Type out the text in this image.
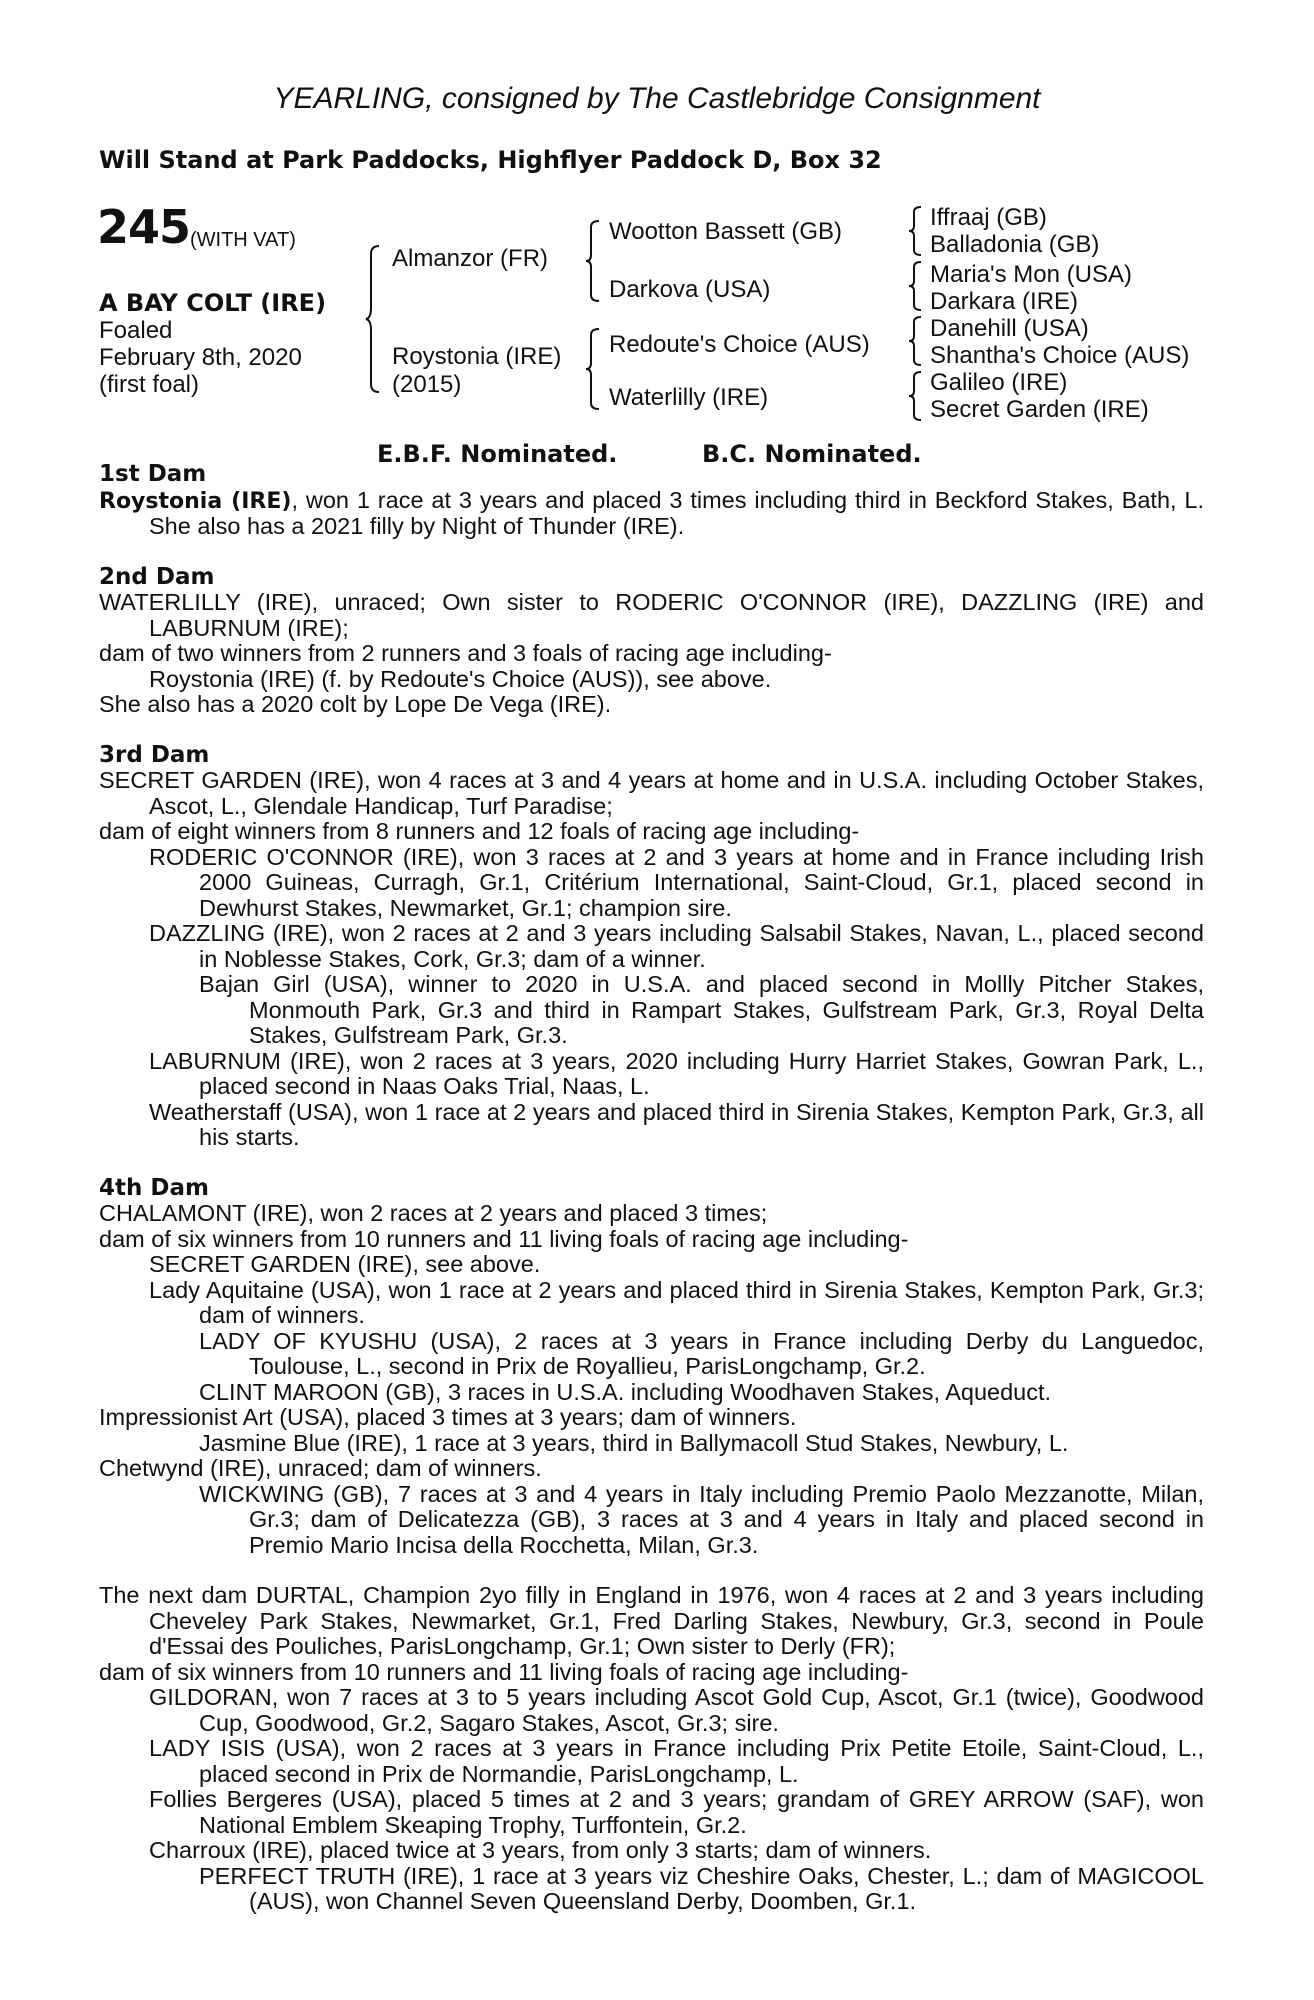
YEARLING, consigned by The Castlebridge Consignment
Will Stand at Park Paddocks, Highflyer Paddock D, Box 32
245 (WITH VAT)
A BAY COLT (IRE)
Foaled
February 8th, 2020
(first foal)
Almanzor (FR)
Roystonia (IRE)
(2015)
Wootton Bassett (GB)
Darkova (USA)
Redoute's Choice (AUS)
Waterlilly (IRE)
Iffraaj (GB)
Balladonia (GB)
Maria's Mon (USA)
Darkara (IRE)
Danehill (USA)
Shantha's Choice (AUS)
Galileo (IRE)
Secret Garden (IRE)
E.B.F. Nominated.	B.C. Nominated.

1st Dam

Roystonia (IRE), won 1 race at 3 years and placed 3 times including third in Beckford Stakes, Bath, L. She also has a 2021 filly by Night of Thunder (IRE).

2nd Dam

WATERLILLY (IRE), unraced; Own sister to RODERIC O'CONNOR (IRE), DAZZLING (IRE) and LABURNUM (IRE);

dam of two winners from 2 runners and 3 foals of racing age including-

Roystonia (IRE) (f. by Redoute's Choice (AUS)), see above.

She also has a 2020 colt by Lope De Vega (IRE).

3rd Dam

SECRET GARDEN (IRE), won 4 races at 3 and 4 years at home and in U.S.A. including October Stakes, Ascot, L., Glendale Handicap, Turf Paradise;

dam of eight winners from 8 runners and 12 foals of racing age including-

RODERIC O'CONNOR (IRE), won 3 races at 2 and 3 years at home and in France including Irish 2000 Guineas, Curragh, Gr.1, Critérium International, Saint-Cloud, Gr.1, placed second in Dewhurst Stakes, Newmarket, Gr.1; champion sire.

DAZZLING (IRE), won 2 races at 2 and 3 years including Salsabil Stakes, Navan, L., placed second in Noblesse Stakes, Cork, Gr.3; dam of a winner.

Bajan Girl (USA), winner to 2020 in U.S.A. and placed second in Mollly Pitcher Stakes, Monmouth Park, Gr.3 and third in Rampart Stakes, Gulfstream Park, Gr.3, Royal Delta Stakes, Gulfstream Park, Gr.3.

LABURNUM (IRE), won 2 races at 3 years, 2020 including Hurry Harriet Stakes, Gowran Park, L., placed second in Naas Oaks Trial, Naas, L.

Weatherstaff (USA), won 1 race at 2 years and placed third in Sirenia Stakes, Kempton Park, Gr.3, all his starts.

4th Dam

CHALAMONT (IRE), won 2 races at 2 years and placed 3 times;

dam of six winners from 10 runners and 11 living foals of racing age including-

SECRET GARDEN (IRE), see above.

Lady Aquitaine (USA), won 1 race at 2 years and placed third in Sirenia Stakes, Kempton Park, Gr.3; dam of winners.

LADY OF KYUSHU (USA), 2 races at 3 years in France including Derby du Languedoc, Toulouse, L., second in Prix de Royallieu, ParisLongchamp, Gr.2.

CLINT MAROON (GB), 3 races in U.S.A. including Woodhaven Stakes, Aqueduct.

Impressionist Art (USA), placed 3 times at 3 years; dam of winners.

Jasmine Blue (IRE), 1 race at 3 years, third in Ballymacoll Stud Stakes, Newbury, L.

Chetwynd (IRE), unraced; dam of winners.

WICKWING (GB), 7 races at 3 and 4 years in Italy including Premio Paolo Mezzanotte, Milan, Gr.3; dam of Delicatezza (GB), 3 races at 3 and 4 years in Italy and placed second in Premio Mario Incisa della Rocchetta, Milan, Gr.3.

The next dam DURTAL, Champion 2yo filly in England in 1976, won 4 races at 2 and 3 years including Cheveley Park Stakes, Newmarket, Gr.1, Fred Darling Stakes, Newbury, Gr.3, second in Poule d'Essai des Pouliches, ParisLongchamp, Gr.1; Own sister to Derly (FR);

dam of six winners from 10 runners and 11 living foals of racing age including-

GILDORAN, won 7 races at 3 to 5 years including Ascot Gold Cup, Ascot, Gr.1 (twice), Goodwood Cup, Goodwood, Gr.2, Sagaro Stakes, Ascot, Gr.3; sire.

LADY ISIS (USA), won 2 races at 3 years in France including Prix Petite Etoile, Saint-Cloud, L., placed second in Prix de Normandie, ParisLongchamp, L.

Follies Bergeres (USA), placed 5 times at 2 and 3 years; grandam of GREY ARROW (SAF), won National Emblem Skeaping Trophy, Turffontein, Gr.2.

Charroux (IRE), placed twice at 3 years, from only 3 starts; dam of winners.

PERFECT TRUTH (IRE), 1 race at 3 years viz Cheshire Oaks, Chester, L.; dam of MAGICOOL (AUS), won Channel Seven Queensland Derby, Doomben, Gr.1.
